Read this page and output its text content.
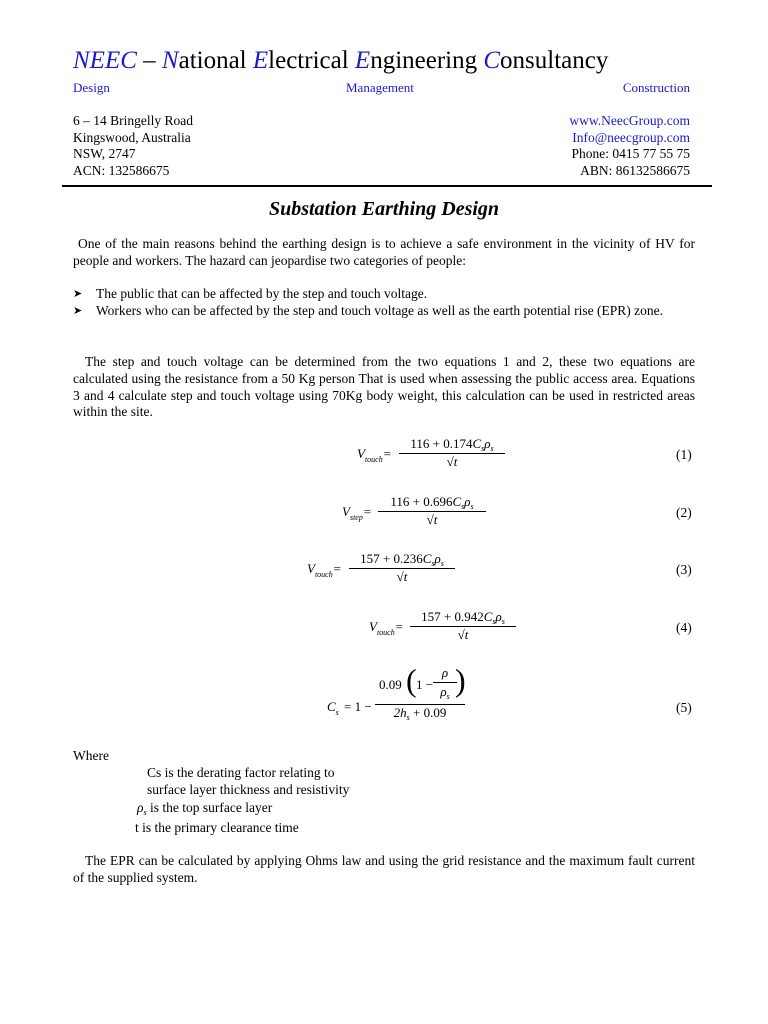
NEEC – National Electrical Engineering Consultancy
Design	Management	Construction
6 – 14 Bringelly Road
Kingswood, Australia
NSW, 2747
ACN: 132586675
www.NeecGroup.com
Info@neecgroup.com
Phone: 0415 77 55 75
ABN: 86132586675
Substation Earthing Design
One of the main reasons behind the earthing design is to achieve a safe environment in the vicinity of HV for people and workers. The hazard can jeopardise two categories of people:
➤ The public that can be affected by the step and touch voltage.
➤ Workers who can be affected by the step and touch voltage as well as the earth potential rise (EPR) zone.
The step and touch voltage can be determined from the two equations 1 and 2, these two equations are calculated using the resistance from a 50 Kg person That is used when assessing the public access area. Equations 3 and 4 calculate step and touch voltage using 70Kg body weight, this calculation can be used in restricted areas within the site.
$V_{touch}=$
$116 + 0.174C_s\rho_s$
√t	(1)
$V_{step}=$
$116 + 0.696C_s\rho_s$
√t	(2)
$V_{touch}=$
$157 + 0.236C_s\rho_s$
√t	(3)
$V_{touch}=$
$157 + 0.942C_s\rho_s$
√t	(4)
$C_s = 1$ −
0.09 ( 1 −
ρ
$\rho_s$ )
$2h_s + 0.09$	(5)
Where
Cs is the derating factor relating to
surface layer thickness and resistivity
$\rho_s$ is the top surface layer
t is the primary clearance time
The EPR can be calculated by applying Ohms law and using the grid resistance and the maximum fault current of the supplied system.
